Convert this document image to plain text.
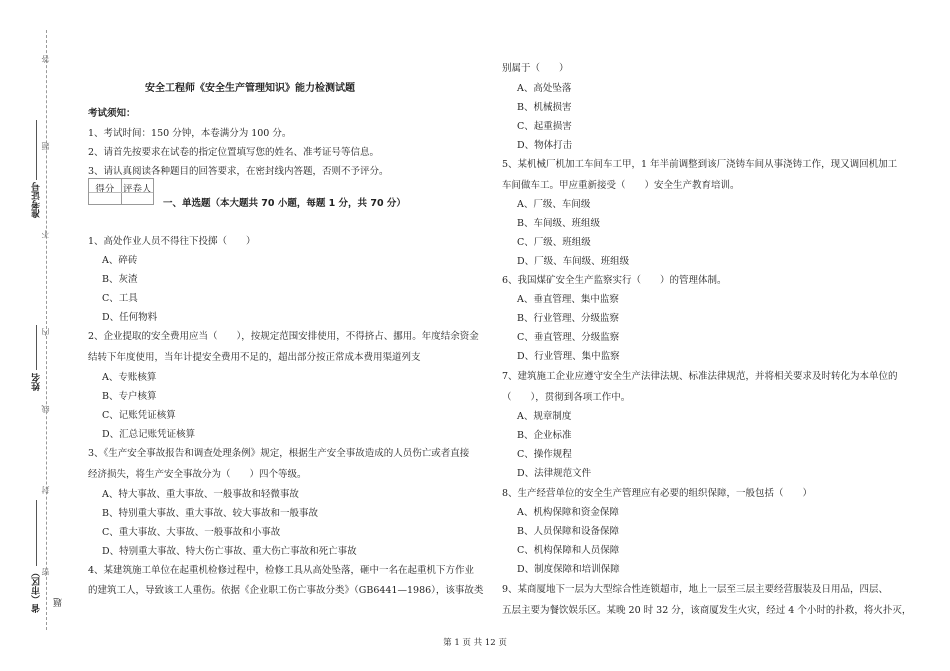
答
题
不
内
线
封
密
准考证号
姓名
省（市区） 题
安全工程师《安全生产管理知识》能力检测试题
考试须知：
1、考试时间：150 分钟，本卷满分为 100 分。
2、请首先按要求在试卷的指定位置填写您的姓名、准考证号等信息。
3、请认真阅读各种题目的回答要求，在密封线内答题，否则不予评分。
得分 评卷人
一、单选题（本大题共 70 小题，每题 1 分，共 70 分）
1、高处作业人员不得往下投掷（　　）
A、碎砖
B、灰渣
C、工具
D、任何物料
2、企业提取的安全费用应当（　　），按规定范围安排使用，不得挤占、挪用。年度结余资金
结转下年度使用，当年计提安全费用不足的，超出部分按正常成本费用渠道列支
A、专账核算
B、专户核算
C、记账凭证核算
D、汇总记账凭证核算
3、《生产安全事故报告和调查处理条例》规定，根据生产安全事故造成的人员伤亡或者直接
经济损失，将生产安全事故分为（　　）四个等级。
A、特大事故、重大事故、一般事故和轻微事故
B、特别重大事故、重大事故、较大事故和一般事故
C、重大事故、大事故、一般事故和小事故
D、特别重大事故、特大伤亡事故、重大伤亡事故和死亡事故
4、某建筑施工单位在起重机检修过程中，检修工具从高处坠落，砸中一名在起重机下方作业
的建筑工人，导致该工人重伤。依据《企业职工伤亡事故分类》（GB6441—1986），该事故类
别属于（　　）
A、高处坠落
B、机械损害
C、起重损害
D、物体打击
5、某机械厂机加工车间车工甲，1 年半前调整到该厂浇铸车间从事浇铸工作，现又调回机加工
车间做车工。甲应重新接受（　　）安全生产教育培训。
A、厂级、车间级
B、车间级、班组级
C、厂级、班组级
D、厂级、车间级、班组级
6、我国煤矿安全生产监察实行（　　）的管理体制。
A、垂直管理、集中监察
B、行业管理、分级监察
C、垂直管理、分级监察
D、行业管理、集中监察
7、建筑施工企业应遵守安全生产法律法规、标准法律规范，并将相关要求及时转化为本单位的
（　　），贯彻到各项工作中。
A、规章制度
B、企业标准
C、操作规程
D、法律规范文件
8、生产经营单位的安全生产管理应有必要的组织保障，一般包括（　　）
A、机构保障和资金保障
B、人员保障和设备保障
C、机构保障和人员保障
D、制度保障和培训保障
9、某商厦地下一层为大型综合性连锁超市，地上一层至三层主要经营服装及日用品，四层、
五层主要为餐饮娱乐区。某晚 20 时 32 分，该商厦发生火灾，经过 4 个小时的扑救，将火扑灭，
第 1 页 共 12 页
